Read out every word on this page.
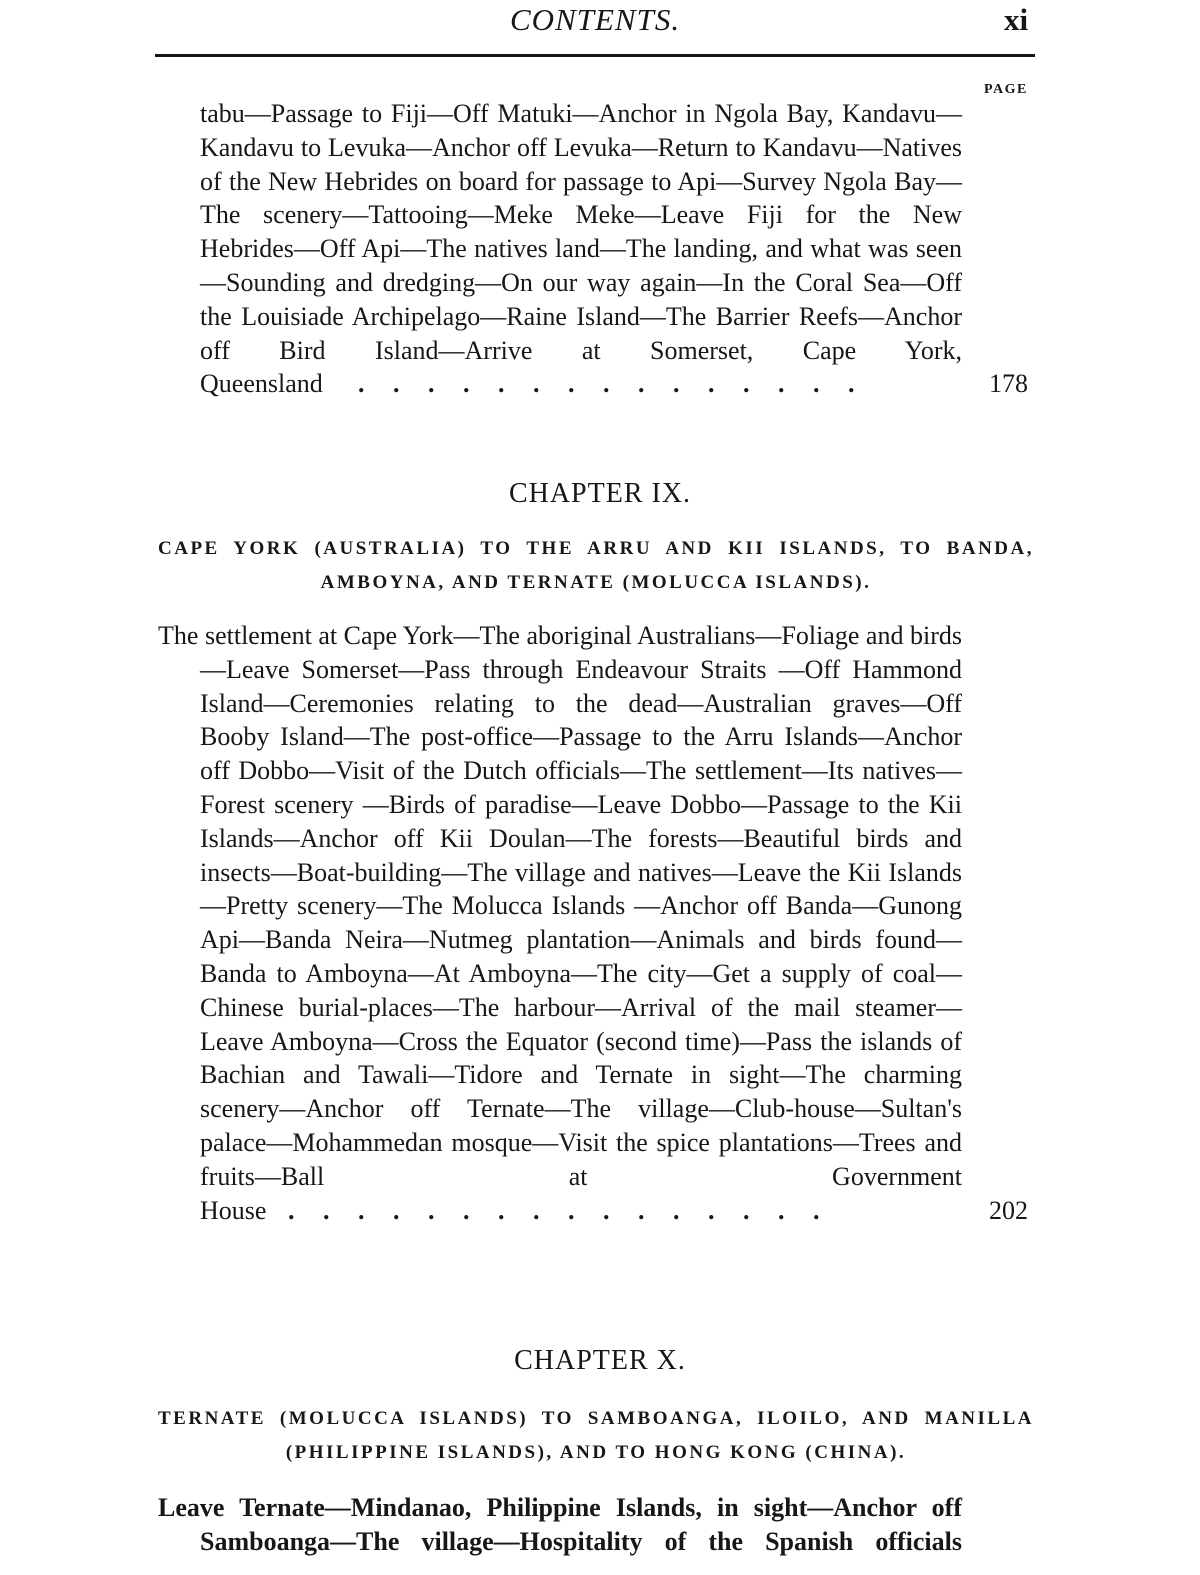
CONTENTS.	xi
PAGE

tabu—Passage to Fiji—Off Matuki—Anchor in Ngola Bay, Kandavu—Kandavu to Levuka—Anchor off Levuka—Return to Kandavu—Natives of the New Hebrides on board for passage to Api—Survey Ngola Bay—The scenery—Tattooing—Meke Meke—Leave Fiji for the New Hebrides—Off Api—The natives land—The landing, and what was seen—Sounding and dredging—On our way again—In the Coral Sea—Off the Louisiade Archipelago—Raine Island—The Barrier Reefs—Anchor off Bird Island—Arrive at Somerset, Cape York,

Queensland	. . . . . . . . . . . . . . .	178
CHAPTER IX.
CAPE YORK (AUSTRALIA) TO THE ARRU AND KII ISLANDS, TO BANDA,
AMBOYNA, AND TERNATE (MOLUCCA ISLANDS).

The settlement at Cape York—The aboriginal Australians—Foliage and birds—Leave Somerset—Pass through Endeavour Straits —Off Hammond Island—Ceremonies relating to the dead—Australian graves—Off Booby Island—The post-office—Passage to the Arru Islands—Anchor off Dobbo—Visit of the Dutch officials—The settlement—Its natives—Forest scenery —Birds of paradise—Leave Dobbo—Passage to the Kii Islands—Anchor off Kii Doulan—The forests—Beautiful birds and insects—Boat-building—The village and natives—Leave the Kii Islands—Pretty scenery—The Molucca Islands —Anchor off Banda—Gunong Api—Banda Neira—Nutmeg plantation—Animals and birds found—Banda to Amboyna—At Amboyna—The city—Get a supply of coal—Chinese burial-places—The harbour—Arrival of the mail steamer—Leave Amboyna—Cross the Equator (second time)—Pass the islands of Bachian and Tawali—Tidore and Ternate in sight—The charming scenery—Anchor off Ternate—The village—Club-house—Sultan's palace—Mohammedan mosque—Visit the spice plantations—Trees and fruits—Ball at Government

House . . . . . . . . . . . . . . . .	202
CHAPTER X.
TERNATE (MOLUCCA ISLANDS) TO SAMBOANGA, ILOILO, AND MANILLA
(PHILIPPINE ISLANDS), AND TO HONG KONG (CHINA).

Leave Ternate—Mindanao, Philippine Islands, in sight—Anchor off Samboanga—The village—Hospitality of the Spanish officials
